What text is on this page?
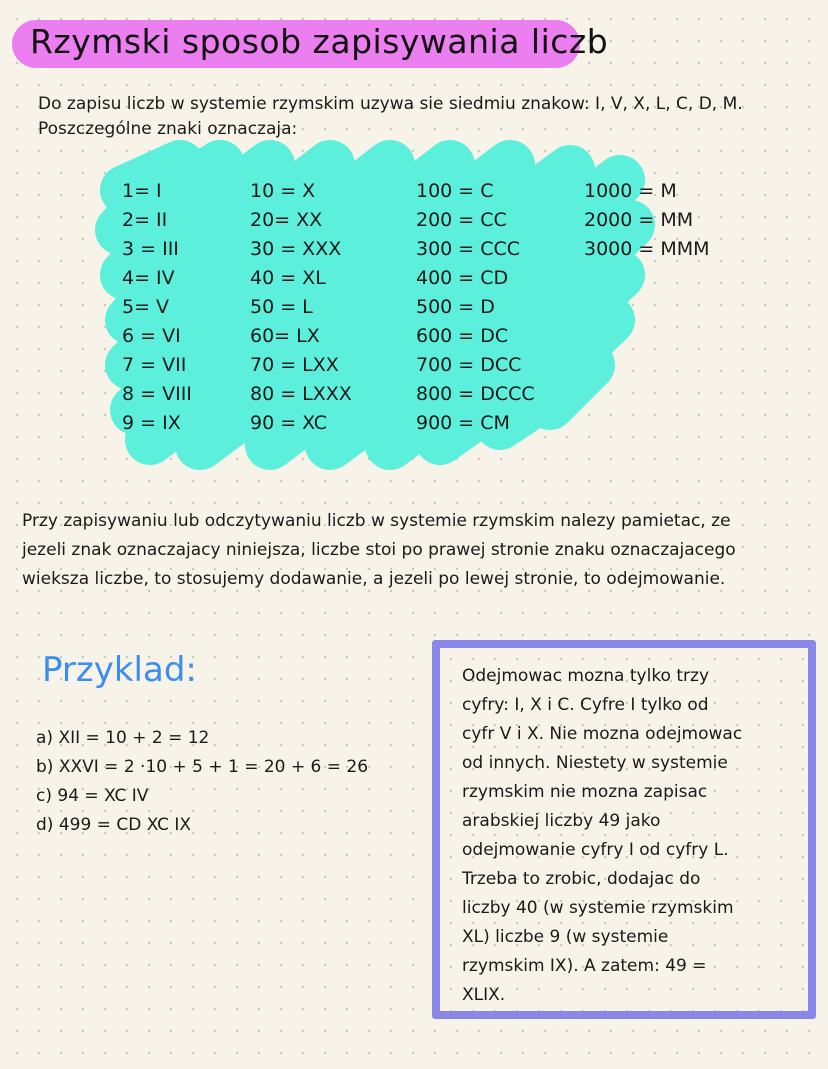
Rzymski sposob zapisywania liczb

Do zapisu liczb w systemie rzymskim uzywa sie siedmiu znakow: I, V, X, L, C, D, M.

Poszczególne znaki oznaczaja:

1= I
2= II
3 = III
4= IV
5= V
6 = VI
7 = VII
8 = VIII
9 = IX
10 = X
20= XX
30 = XXX
40 = XL
50 = L
60= LX
70 = LXX
80 = LXXX
90 = XC
100 = C
200 = CC
300 = CCC
400 = CD
500 = D
600 = DC
700 = DCC
800 = DCCC
900 = CM
1000 = M
2000 = MM
3000 = MMM

Przy zapisywaniu lub odczytywaniu liczb w systemie rzymskim nalezy pamietac, ze

jezeli znak oznaczajacy niniejsza, liczbe stoi po prawej stronie znaku oznaczajacego

wieksza liczbe, to stosujemy dodawanie, a jezeli po lewej stronie, to odejmowanie.

Przyklad:
a) XII = 10 + 2 = 12
b) XXVI = 2 ·10 + 5 + 1 = 20 + 6 = 26
c) 94 = XC IV
d) 499 = CD XC IX

Odejmowac mozna tylko trzy

cyfry: I, X i C. Cyfre I tylko od

cyfr V i X. Nie mozna odejmowac

od innych. Niestety w systemie

rzymskim nie mozna zapisac

arabskiej liczby 49 jako

odejmowanie cyfry I od cyfry L.

Trzeba to zrobic, dodajac do

liczby 40 (w systemie rzymskim

XL) liczbe 9 (w systemie

rzymskim IX). A zatem: 49 =

XLIX.
